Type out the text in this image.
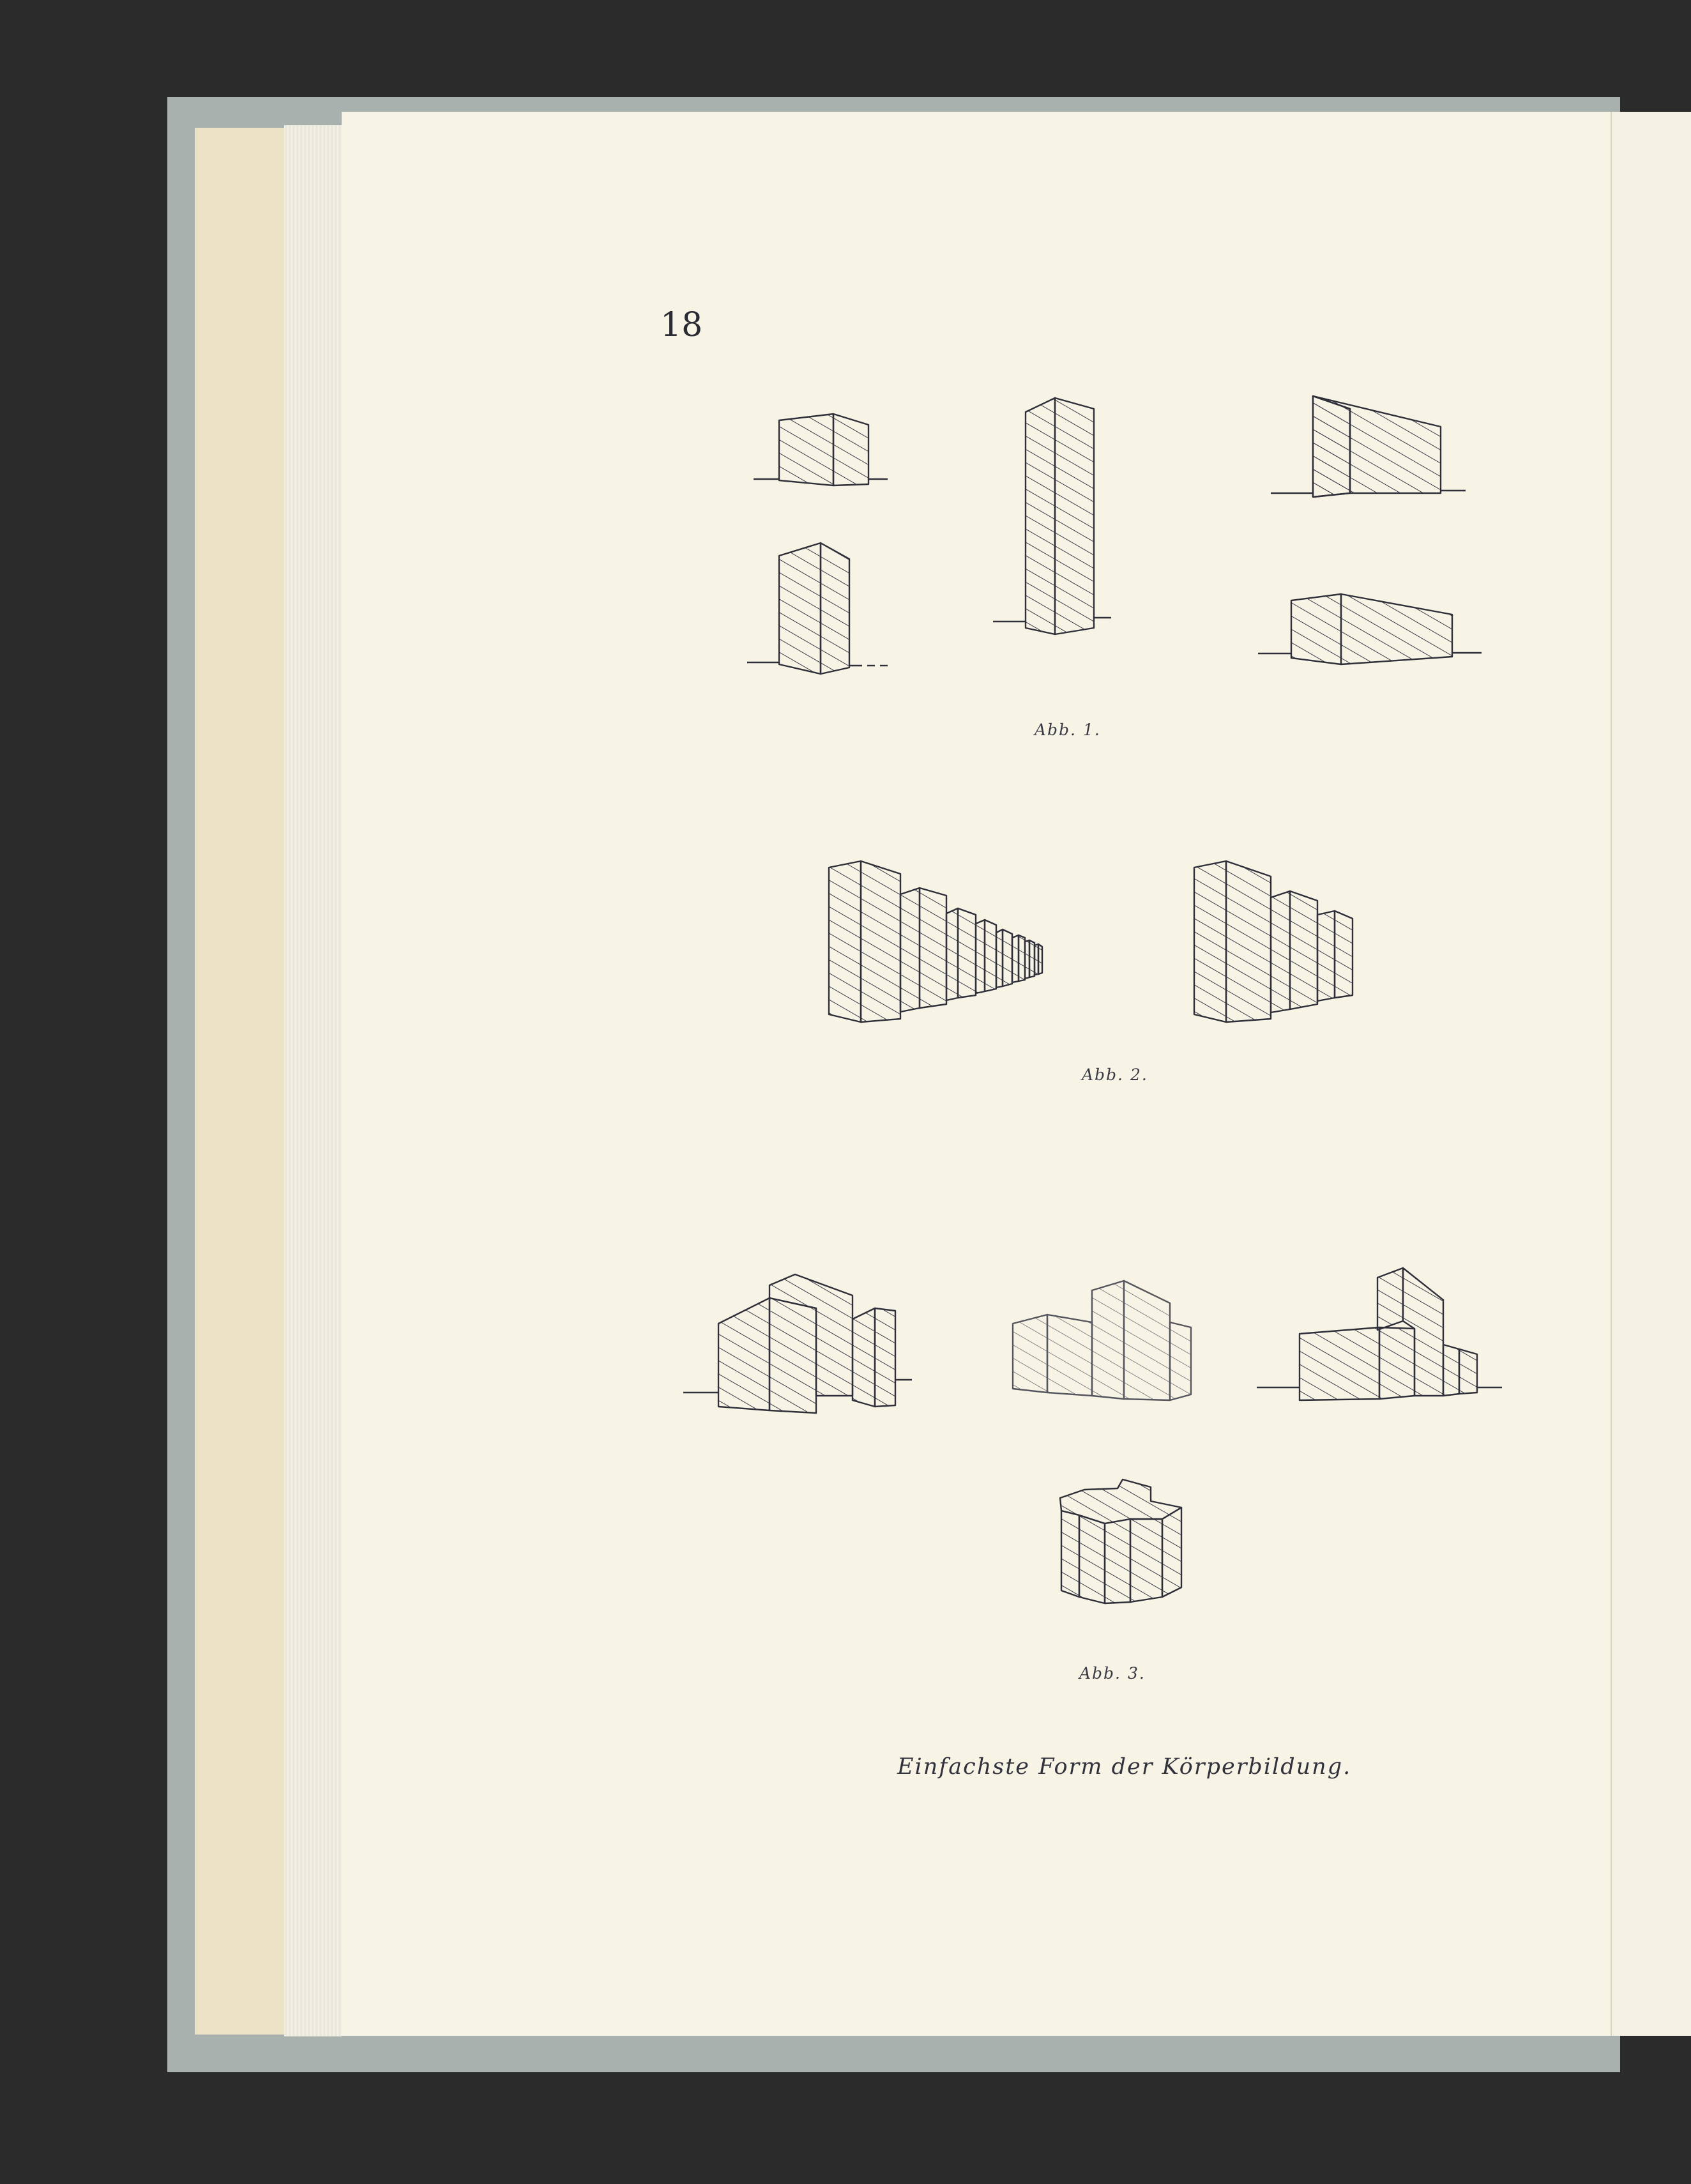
18
Abb. 1.
Abb. 2.
Abb. 3.
Einfachste Form der Körperbildung.
